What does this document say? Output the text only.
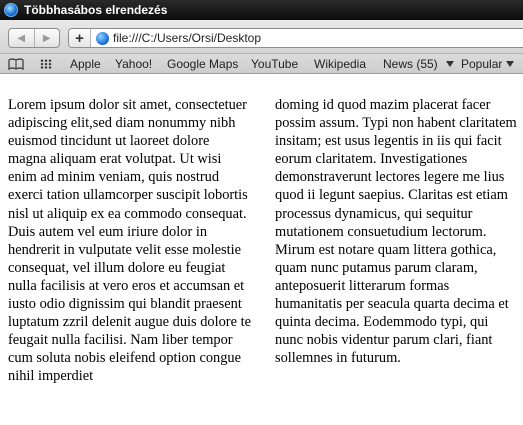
Többhasábos elrendezés
◀	▶	+	file:///C:/Users/Orsi/Desktop
Apple Yahoo! Google Maps YouTube Wikipedia News (55) Popular

Lorem ipsum dolor sit amet, consectetuer adipiscing elit,sed diam nonummy nibh euismod tincidunt ut laoreet dolore magna aliquam erat volutpat. Ut wisi enim ad minim veniam, quis nostrud exerci tation ullamcorper suscipit lobortis nisl ut aliquip ex ea commodo consequat. Duis autem vel eum iriure dolor in hendrerit in vulputate velit esse molestie consequat, vel illum dolore eu feugiat nulla facilisis at vero eros et accumsan et iusto odio dignissim qui blandit praesent luptatum zzril delenit augue duis dolore te feugait nulla facilisi. Nam liber tempor cum soluta nobis eleifend option congue nihil imperdiet

doming id quod mazim placerat facer possim assum. Typi non habent claritatem insitam; est usus legentis in iis qui facit eorum claritatem. Investigationes demonstraverunt lectores legere me lius quod ii legunt saepius. Claritas est etiam processus dynamicus, qui sequitur mutationem consuetudium lectorum. Mirum est notare quam littera gothica, quam nunc putamus parum claram, anteposuerit litterarum formas humanitatis per seacula quarta decima et quinta decima. Eodemmodo typi, qui nunc nobis videntur parum clari, fiant sollemnes in futurum.
